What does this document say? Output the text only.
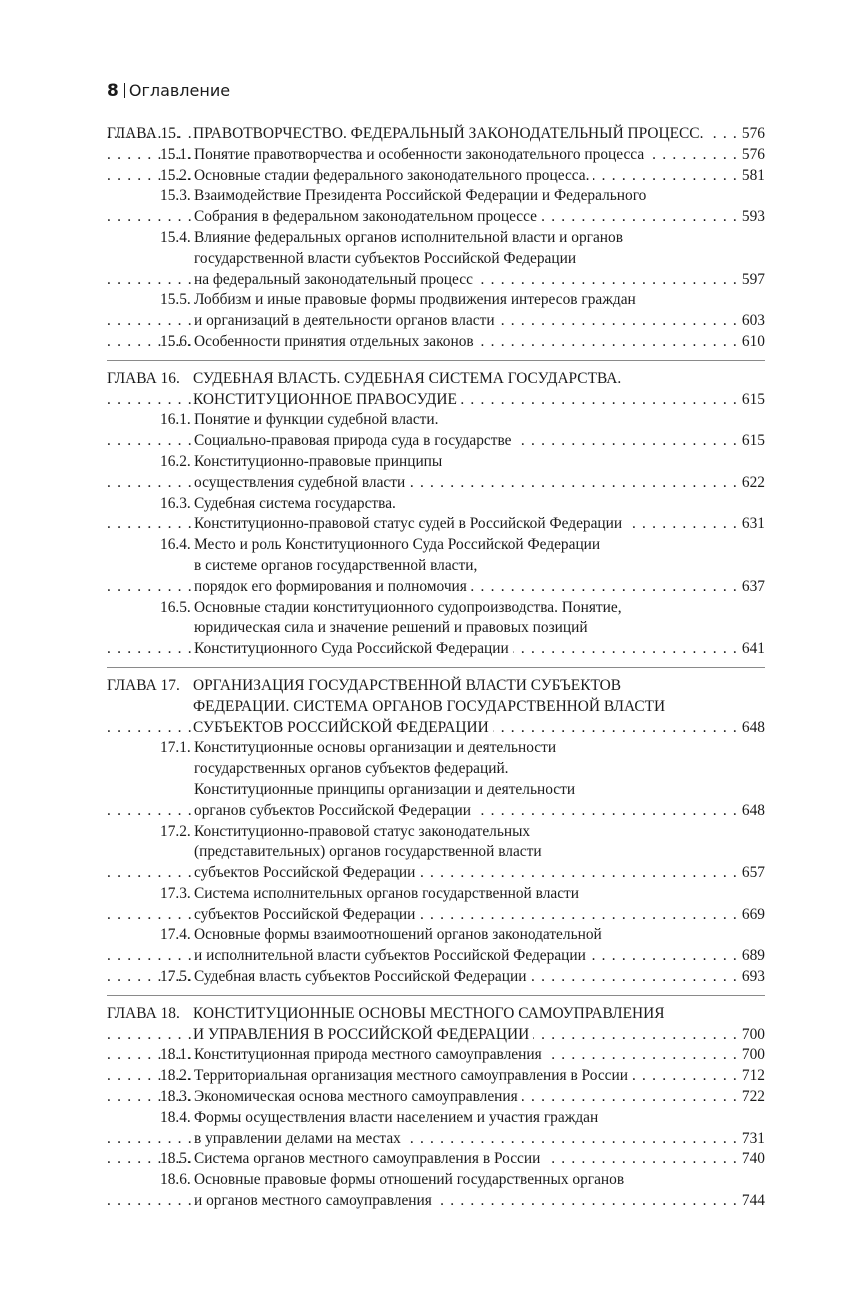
8 Оглавление
ГЛАВА 15. ПРАВОТВОРЧЕСТВО. ФЕДЕРАЛЬНЫЙ ЗАКОНОДАТЕЛЬНЫЙ ПРОЦЕСС.	576
. . .
15.1. Понятие правотворчества и особенности законодательного процесса	576
. . .
15.2. Основные стадии федерального законодательного процесса.	581
. . .
15.3. Взаимодействие Президента Российской Федерации и Федерального
Собрания в федеральном законодательном процессе	593
. . .
15.4. Влияние федеральных органов исполнительной власти и органов
государственной власти субъектов Российской Федерации
на федеральный законодательный процесс	597
. . .
15.5. Лоббизм и иные правовые формы продвижения интересов граждан
и организаций в деятельности органов власти	603
. . .
15.6. Особенности принятия отдельных законов	610
. . .
ГЛАВА 16. СУДЕБНАЯ ВЛАСТЬ. СУДЕБНАЯ СИСТЕМА ГОСУДАРСТВА.
КОНСТИТУЦИОННОЕ ПРАВОСУДИЕ	615
. . .
16.1. Понятие и функции судебной власти.
Социально-правовая природа суда в государстве	615
. . .
16.2. Конституционно-правовые принципы
осуществления судебной власти	622
. . .
16.3. Судебная система государства.
Конституционно-правовой статус судей в Российской Федерации	631
. . .
16.4. Место и роль Конституционного Суда Российской Федерации
в системе органов государственной власти,
порядок его формирования и полномочия	637
. . .
16.5. Основные стадии конституционного судопроизводства. Понятие,
юридическая сила и значение решений и правовых позиций
Конституционного Суда Российской Федерации	641
. . .
ГЛАВА 17. ОРГАНИЗАЦИЯ ГОСУДАРСТВЕННОЙ ВЛАСТИ СУБЪЕКТОВ
ФЕДЕРАЦИИ. СИСТЕМА ОРГАНОВ ГОСУДАРСТВЕННОЙ ВЛАСТИ
СУБЪЕКТОВ РОССИЙСКОЙ ФЕДЕРАЦИИ	648
. . .
17.1. Конституционные основы организации и деятельности
государственных органов субъектов федераций.
Конституционные принципы организации и деятельности
органов субъектов Российской Федерации	648
. . .
17.2. Конституционно-правовой статус законодательных
(представительных) органов государственной власти
субъектов Российской Федерации	657
. . .
17.3. Система исполнительных органов государственной власти
субъектов Российской Федерации	669
. . .
17.4. Основные формы взаимоотношений органов законодательной
и исполнительной власти субъектов Российской Федерации	689
. . .
17.5. Судебная власть субъектов Российской Федерации	693
. . .
ГЛАВА 18. КОНСТИТУЦИОННЫЕ ОСНОВЫ МЕСТНОГО САМОУПРАВЛЕНИЯ
И УПРАВЛЕНИЯ В РОССИЙСКОЙ ФЕДЕРАЦИИ	700
. . .
18.1. Конституционная природа местного самоуправления	700
. . .
18.2. Территориальная организация местного самоуправления в России	712
. . .
18.3. Экономическая основа местного самоуправления	722
. . .
18.4. Формы осуществления власти населением и участия граждан
в управлении делами на местах	731
. . .
18.5. Система органов местного самоуправления в России	740
. . .
18.6. Основные правовые формы отношений государственных органов
и органов местного самоуправления	744
. . .
